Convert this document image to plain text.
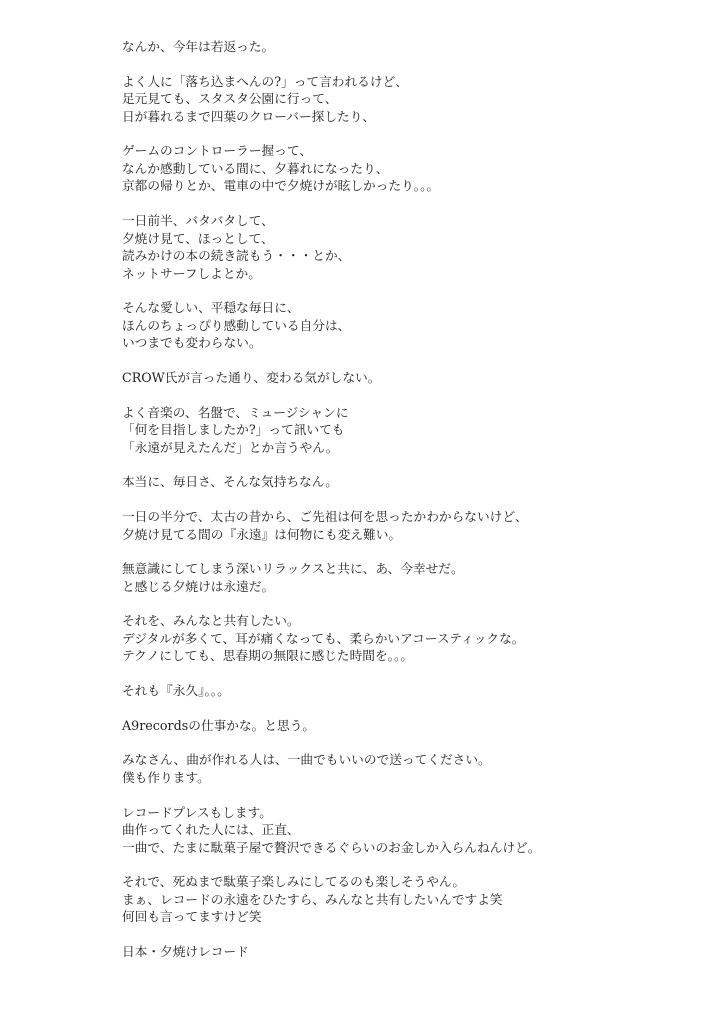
なんか、今年は若返った。
よく人に「落ち込まへんの?」って言われるけど、
足元見ても、スタスタ公園に行って、
日が暮れるまで四葉のクローバー探したり、
ゲームのコントローラー握って、
なんか感動している間に、夕暮れになったり、
京都の帰りとか、電車の中で夕焼けが眩しかったり。。。
一日前半、バタバタして、
夕焼け見て、ほっとして、
読みかけの本の続き読もう・・・とか、
ネットサーフしよとか。
そんな愛しい、平穏な毎日に、
ほんのちょっぴり感動している自分は、
いつまでも変わらない。
CROW氏が言った通り、変わる気がしない。
よく音楽の、名盤で、ミュージシャンに
「何を目指しましたか?」って訊いても
「永遠が見えたんだ」とか言うやん。
本当に、毎日さ、そんな気持ちなん。
一日の半分で、太古の昔から、ご先祖は何を思ったかわからないけど、
夕焼け見てる間の『永遠』は何物にも変え難い。
無意識にしてしまう深いリラックスと共に、あ、今幸せだ。
と感じる夕焼けは永遠だ。
それを、みんなと共有したい。
デジタルが多くて、耳が痛くなっても、柔らかいアコースティックな。
テクノにしても、思春期の無限に感じた時間を。。。
それも『永久』。。。
A9recordsの仕事かな。と思う。
みなさん、曲が作れる人は、一曲でもいいので送ってください。
僕も作ります。
レコードプレスもします。
曲作ってくれた人には、正直、
一曲で、たまに駄菓子屋で贅沢できるぐらいのお金しか入らんねんけど。
それで、死ぬまで駄菓子楽しみにしてるのも楽しそうやん。
まぁ、レコードの永遠をひたすら、みんなと共有したいんですよ笑
何回も言ってますけど笑
日本・夕焼けレコード
